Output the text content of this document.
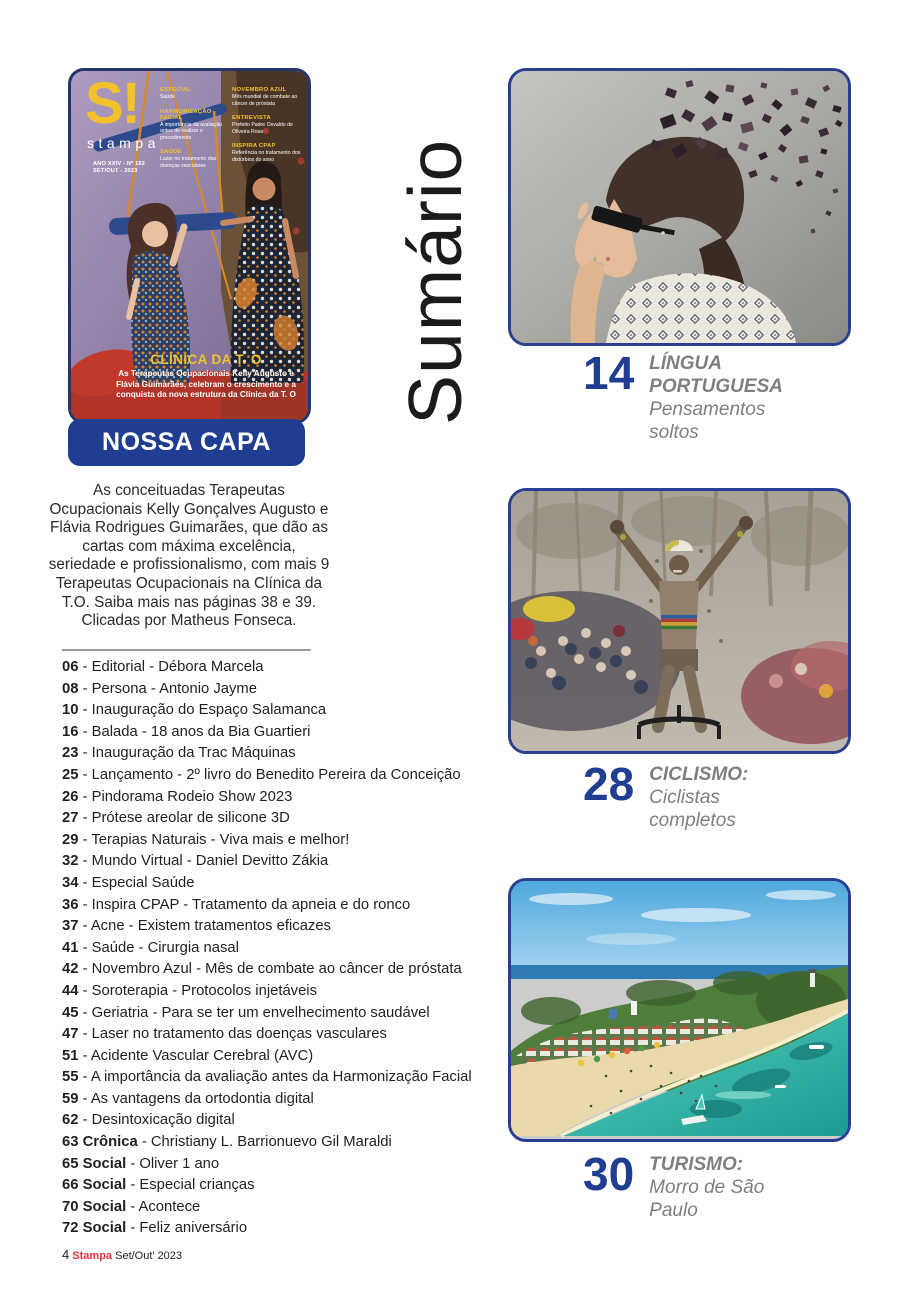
S!
stampa
ANO XXIV - Nº 162
SET/OUT - 2023
ESPECIAL
Saúde
HARMONIZAÇÃO FACIAL
A importância da avaliação antes de realizar o procedimento
SAÚDE
Laser no tratamento das doenças vasculares
NOVEMBRO AZUL
Mês mundial de combate ao câncer de próstata
ENTREVISTA
Prefeito Padre Osvaldo de Oliveira Rosa
INSPIRA CPAP
Referência no tratamento dos distúrbios do sono
CLÍNICA DA T. O
As Terapeutas Ocupacionais Kelly Augusto e Flávia Guimarães, celebram o crescimento e a conquista da nova estrutura da Clínica da T. O
NOSSA CAPA

As conceituadas Terapeutas Ocupacionais Kelly Gonçalves Augusto e Flávia Rodrigues Guimarães, que dão as cartas com máxima excelência, seriedade e profissionalismo, com mais 9 Terapeutas Ocupacionais na Clínica da T.O. Saiba mais nas páginas 38 e 39. Clicadas por Matheus Fonseca.

06 - Editorial - Débora Marcela
08 - Persona - Antonio Jayme
10 - Inauguração do Espaço Salamanca
16 - Balada - 18 anos da Bia Guartieri
23 - Inauguração da Trac Máquinas
25 - Lançamento - 2º livro do Benedito Pereira da Conceição
26 - Pindorama Rodeio Show 2023
27 - Prótese areolar de silicone 3D
29 - Terapias Naturais - Viva mais e melhor!
32 - Mundo Virtual - Daniel Devitto Zákia
34 - Especial Saúde
36 - Inspira CPAP - Tratamento da apneia e do ronco
37 - Acne - Existem tratamentos eficazes
41 - Saúde - Cirurgia nasal
42 - Novembro Azul - Mês de combate ao câncer de próstata
44 - Soroterapia - Protocolos injetáveis
45 - Geriatria - Para se ter um envelhecimento saudável
47 - Laser no tratamento das doenças vasculares
51 - Acidente Vascular Cerebral (AVC)
55 - A importância da avaliação antes da Harmonização Facial
59 - As vantagens da ortodontia digital
62 - Desintoxicação digital
63 Crônica - Christiany L. Barrionuevo Gil Maraldi
65 Social - Oliver 1 ano
66 Social - Especial crianças
70 Social - Acontece
72 Social - Feliz aniversário
4 Stampa Set/Out' 2023
Sumário 14 LÍNGUA PORTUGUESA
Pensamentos soltos
28 CICLISMO:
Ciclistas completos
30 TURISMO:
Morro de São Paulo
